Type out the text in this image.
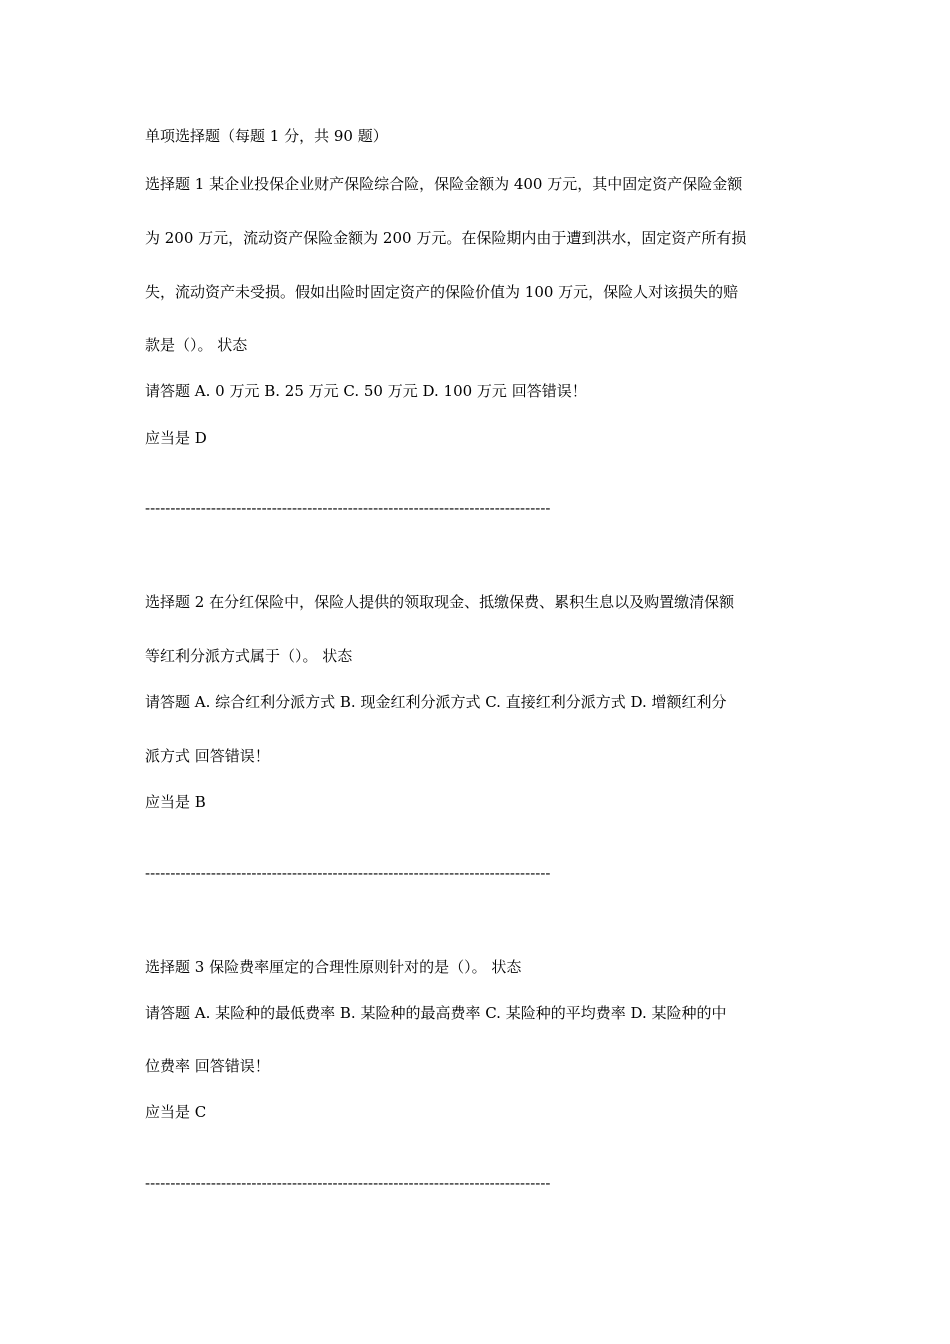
单项选择题（每题 1 分，共 90 题）
选择题 1 某企业投保企业财产保险综合险，保险金额为 400 万元，其中固定资产保险金额
为 200 万元，流动资产保险金额为 200 万元。在保险期内由于遭到洪水，固定资产所有损
失，流动资产未受损。假如出险时固定资产的保险价值为 100 万元，保险人对该损失的赔
款是（）。 状态
请答题 A. 0 万元 B. 25 万元 C. 50 万元 D. 100 万元 回答错误！
应当是 D
--------------------------------------------------------------------------------
选择题 2 在分红保险中，保险人提供的领取现金、抵缴保费、累积生息以及购置缴清保额
等红利分派方式属于（）。 状态
请答题 A. 综合红利分派方式 B. 现金红利分派方式 C. 直接红利分派方式 D. 增额红利分
派方式 回答错误！
应当是 B
--------------------------------------------------------------------------------
选择题 3 保险费率厘定的合理性原则针对的是（）。 状态
请答题 A. 某险种的最低费率 B. 某险种的最高费率 C. 某险种的平均费率 D. 某险种的中
位费率 回答错误！
应当是 C
--------------------------------------------------------------------------------
